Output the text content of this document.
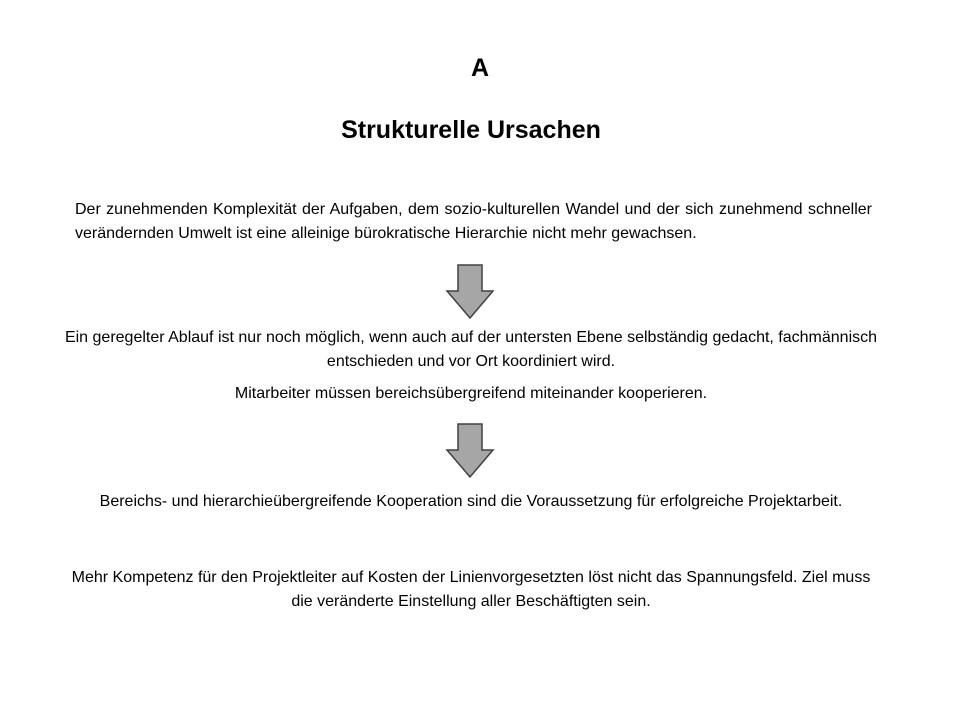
A
Strukturelle Ursachen
Der zunehmenden Komplexität der Aufgaben, dem sozio-kulturellen Wandel und der sich zunehmend schneller verändernden Umwelt ist eine alleinige bürokratische Hierarchie nicht mehr gewachsen.
Ein geregelter Ablauf ist nur noch möglich, wenn auch auf der untersten Ebene selbständig gedacht, fachmännisch entschieden und vor Ort koordiniert wird.
Mitarbeiter müssen bereichsübergreifend miteinander kooperieren.
Bereichs- und hierarchieübergreifende Kooperation sind die Voraussetzung für erfolgreiche Projektarbeit.
Mehr Kompetenz für den Projektleiter auf Kosten der Linienvorgesetzten löst nicht das Spannungsfeld. Ziel muss die veränderte Einstellung aller Beschäftigten sein.
